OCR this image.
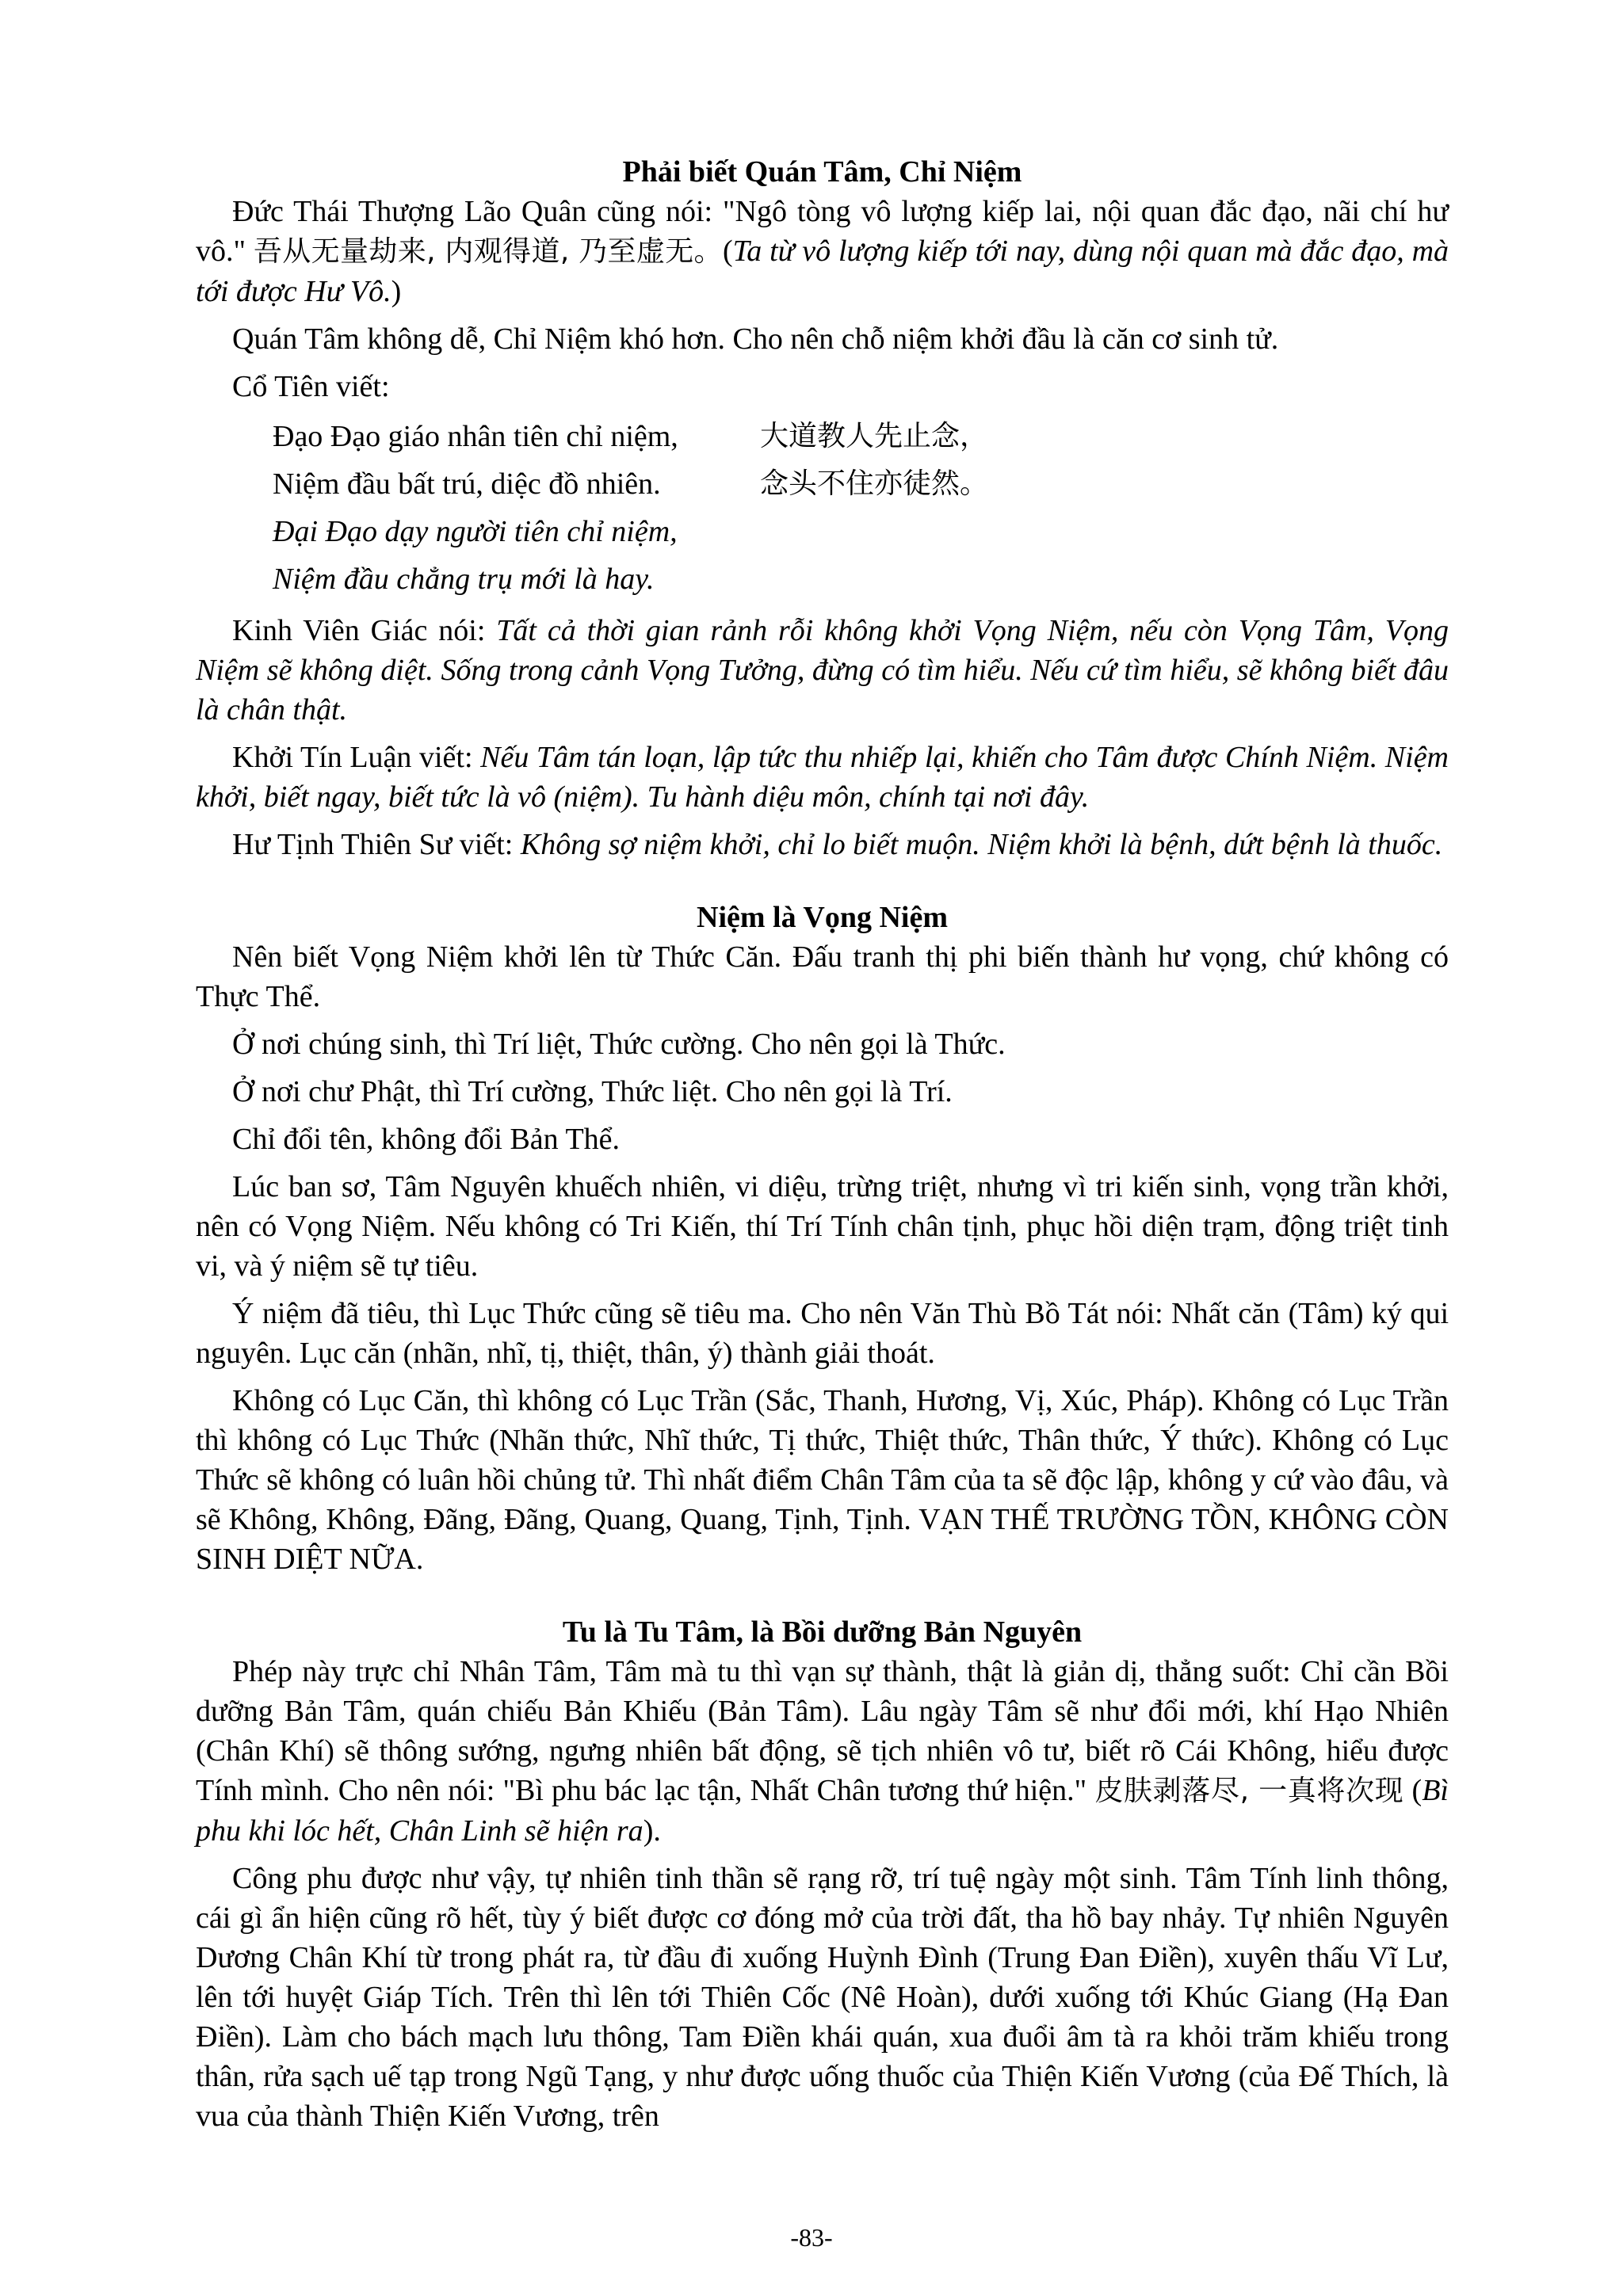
Phải biết Quán Tâm, Chỉ Niệm

Đức Thái Thượng Lão Quân cũng nói: "Ngô tòng vô lượng kiếp lai, nội quan đắc đạo, nãi chí hư vô." 吾从无量劫来, 内观得道, 乃至虚无。(Ta từ vô lượng kiếp tới nay, dùng nội quan mà đắc đạo, mà tới được Hư Vô.)

Quán Tâm không dễ, Chỉ Niệm khó hơn. Cho nên chỗ niệm khởi đầu là căn cơ sinh tử.

Cổ Tiên viết:

Đạo Đạo giáo nhân tiên chỉ niệm,	大道教人先止念，
Niệm đầu bất trú, diệc đồ nhiên.	念头不住亦徒然。
Đại Đạo dạy người tiên chỉ niệm,
Niệm đầu chẳng trụ mới là hay.

Kinh Viên Giác nói: Tất cả thời gian rảnh rỗi không khởi Vọng Niệm, nếu còn Vọng Tâm, Vọng Niệm sẽ không diệt. Sống trong cảnh Vọng Tưởng, đừng có tìm hiểu. Nếu cứ tìm hiểu, sẽ không biết đâu là chân thật.

Khởi Tín Luận viết: Nếu Tâm tán loạn, lập tức thu nhiếp lại, khiến cho Tâm được Chính Niệm. Niệm khởi, biết ngay, biết tức là vô (niệm). Tu hành diệu môn, chính tại nơi đây.

Hư Tịnh Thiên Sư viết: Không sợ niệm khởi, chỉ lo biết muộn. Niệm khởi là bệnh, dứt bệnh là thuốc.

Niệm là Vọng Niệm

Nên biết Vọng Niệm khởi lên từ Thức Căn. Đấu tranh thị phi biến thành hư vọng, chứ không có Thực Thể.

Ở nơi chúng sinh, thì Trí liệt, Thức cường. Cho nên gọi là Thức.

Ở nơi chư Phật, thì Trí cường, Thức liệt. Cho nên gọi là Trí.

Chỉ đổi tên, không đổi Bản Thể.

Lúc ban sơ, Tâm Nguyên khuếch nhiên, vi diệu, trừng triệt, nhưng vì tri kiến sinh, vọng trần khởi, nên có Vọng Niệm. Nếu không có Tri Kiến, thí Trí Tính chân tịnh, phục hồi diện trạm, động triệt tinh vi, và ý niệm sẽ tự tiêu.

Ý niệm đã tiêu, thì Lục Thức cũng sẽ tiêu ma. Cho nên Văn Thù Bồ Tát nói: Nhất căn (Tâm) ký qui nguyên. Lục căn (nhãn, nhĩ, tị, thiệt, thân, ý) thành giải thoát.

Không có Lục Căn, thì không có Lục Trần (Sắc, Thanh, Hương, Vị, Xúc, Pháp). Không có Lục Trần thì không có Lục Thức (Nhãn thức, Nhĩ thức, Tị thức, Thiệt thức, Thân thức, Ý thức). Không có Lục Thức sẽ không có luân hồi chủng tử. Thì nhất điểm Chân Tâm của ta sẽ độc lập, không y cứ vào đâu, và sẽ Không, Không, Đãng, Đãng, Quang, Quang, Tịnh, Tịnh. VẠN THẾ TRƯỜNG TỒN, KHÔNG CÒN SINH DIỆT NỮA.

Tu là Tu Tâm, là Bồi dưỡng Bản Nguyên

Phép này trực chỉ Nhân Tâm, Tâm mà tu thì vạn sự thành, thật là giản dị, thẳng suốt: Chỉ cần Bồi dưỡng Bản Tâm, quán chiếu Bản Khiếu (Bản Tâm). Lâu ngày Tâm sẽ như đổi mới, khí Hạo Nhiên (Chân Khí) sẽ thông sướng, ngưng nhiên bất động, sẽ tịch nhiên vô tư, biết rõ Cái Không, hiểu được Tính mình. Cho nên nói: "Bì phu bác lạc tận, Nhất Chân tương thứ hiện." 皮肤剥落尽, 一真将次现 (Bì phu khi lóc hết, Chân Linh sẽ hiện ra).

Công phu được như vậy, tự nhiên tinh thần sẽ rạng rỡ, trí tuệ ngày một sinh. Tâm Tính linh thông, cái gì ẩn hiện cũng rõ hết, tùy ý biết được cơ đóng mở của trời đất, tha hồ bay nhảy. Tự nhiên Nguyên Dương Chân Khí từ trong phát ra, từ đầu đi xuống Huỳnh Đình (Trung Đan Điền), xuyên thấu Vĩ Lư, lên tới huyệt Giáp Tích. Trên thì lên tới Thiên Cốc (Nê Hoàn), dưới xuống tới Khúc Giang (Hạ Đan Điền). Làm cho bách mạch lưu thông, Tam Điền khái quán, xua đuổi âm tà ra khỏi trăm khiếu trong thân, rửa sạch uế tạp trong Ngũ Tạng, y như được uống thuốc của Thiện Kiến Vương (của Đế Thích, là vua của thành Thiện Kiến Vương, trên

-83-
